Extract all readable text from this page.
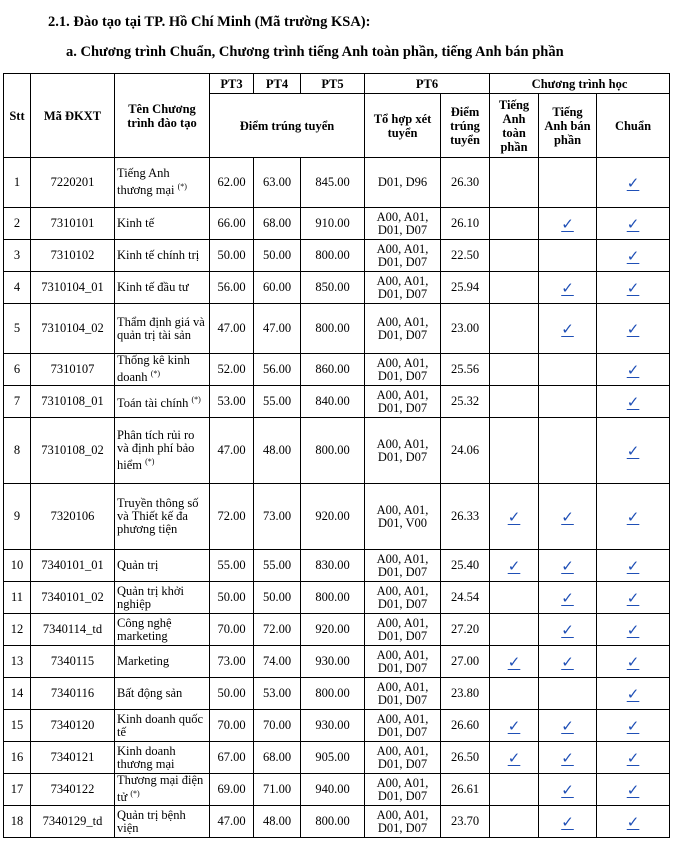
2.1. Đào tạo tại TP. Hồ Chí Minh (Mã trường KSA):
a. Chương trình Chuẩn, Chương trình tiếng Anh toàn phần, tiếng Anh bán phần
Stt	Mã ĐKXT	Tên Chương trình đào tạo	PT3	PT4	PT5	PT6		Chương trình học		
			Điểm trúng tuyển			Tổ hợp xét tuyển	Điểm trúng tuyển	Tiếng Anh toàn phần	Tiếng Anh bán phần	Chuẩn
1	7220201	Tiếng Anh thương mại (*)	62.00	63.00	845.00	D01, D96	26.30			✓
2	7310101	Kinh tế	66.00	68.00	910.00	A00, A01, D01, D07	26.10		✓	✓
3	7310102	Kinh tế chính trị	50.00	50.00	800.00	A00, A01, D01, D07	22.50			✓
4	7310104_01	Kinh tế đầu tư	56.00	60.00	850.00	A00, A01, D01, D07	25.94		✓	✓
5	7310104_02	Thẩm định giá và quản trị tài sản	47.00	47.00	800.00	A00, A01, D01, D07	23.00		✓	✓
6	7310107	Thống kê kinh doanh (*)	52.00	56.00	860.00	A00, A01, D01, D07	25.56			✓
7	7310108_01	Toán tài chính (*)	53.00	55.00	840.00	A00, A01, D01, D07	25.32			✓
8	7310108_02	Phân tích rủi ro và định phí bảo hiểm (*)	47.00	48.00	800.00	A00, A01, D01, D07	24.06			✓
9	7320106	Truyền thông số và Thiết kế đa phương tiện	72.00	73.00	920.00	A00, A01, D01, V00	26.33	✓	✓	✓
10	7340101_01	Quản trị	55.00	55.00	830.00	A00, A01, D01, D07	25.40	✓	✓	✓
11	7340101_02	Quản trị khởi nghiệp	50.00	50.00	800.00	A00, A01, D01, D07	24.54		✓	✓
12	7340114_td	Công nghệ marketing	70.00	72.00	920.00	A00, A01, D01, D07	27.20		✓	✓
13	7340115	Marketing	73.00	74.00	930.00	A00, A01, D01, D07	27.00	✓	✓	✓
14	7340116	Bất động sản	50.00	53.00	800.00	A00, A01, D01, D07	23.80			✓
15	7340120	Kinh doanh quốc tế	70.00	70.00	930.00	A00, A01, D01, D07	26.60	✓	✓	✓
16	7340121	Kinh doanh thương mại	67.00	68.00	905.00	A00, A01, D01, D07	26.50	✓	✓	✓
17	7340122	Thương mại điện tử (*)	69.00	71.00	940.00	A00, A01, D01, D07	26.61		✓	✓
18	7340129_td	Quản trị bệnh viện	47.00	48.00	800.00	A00, A01, D01, D07	23.70		✓	✓
